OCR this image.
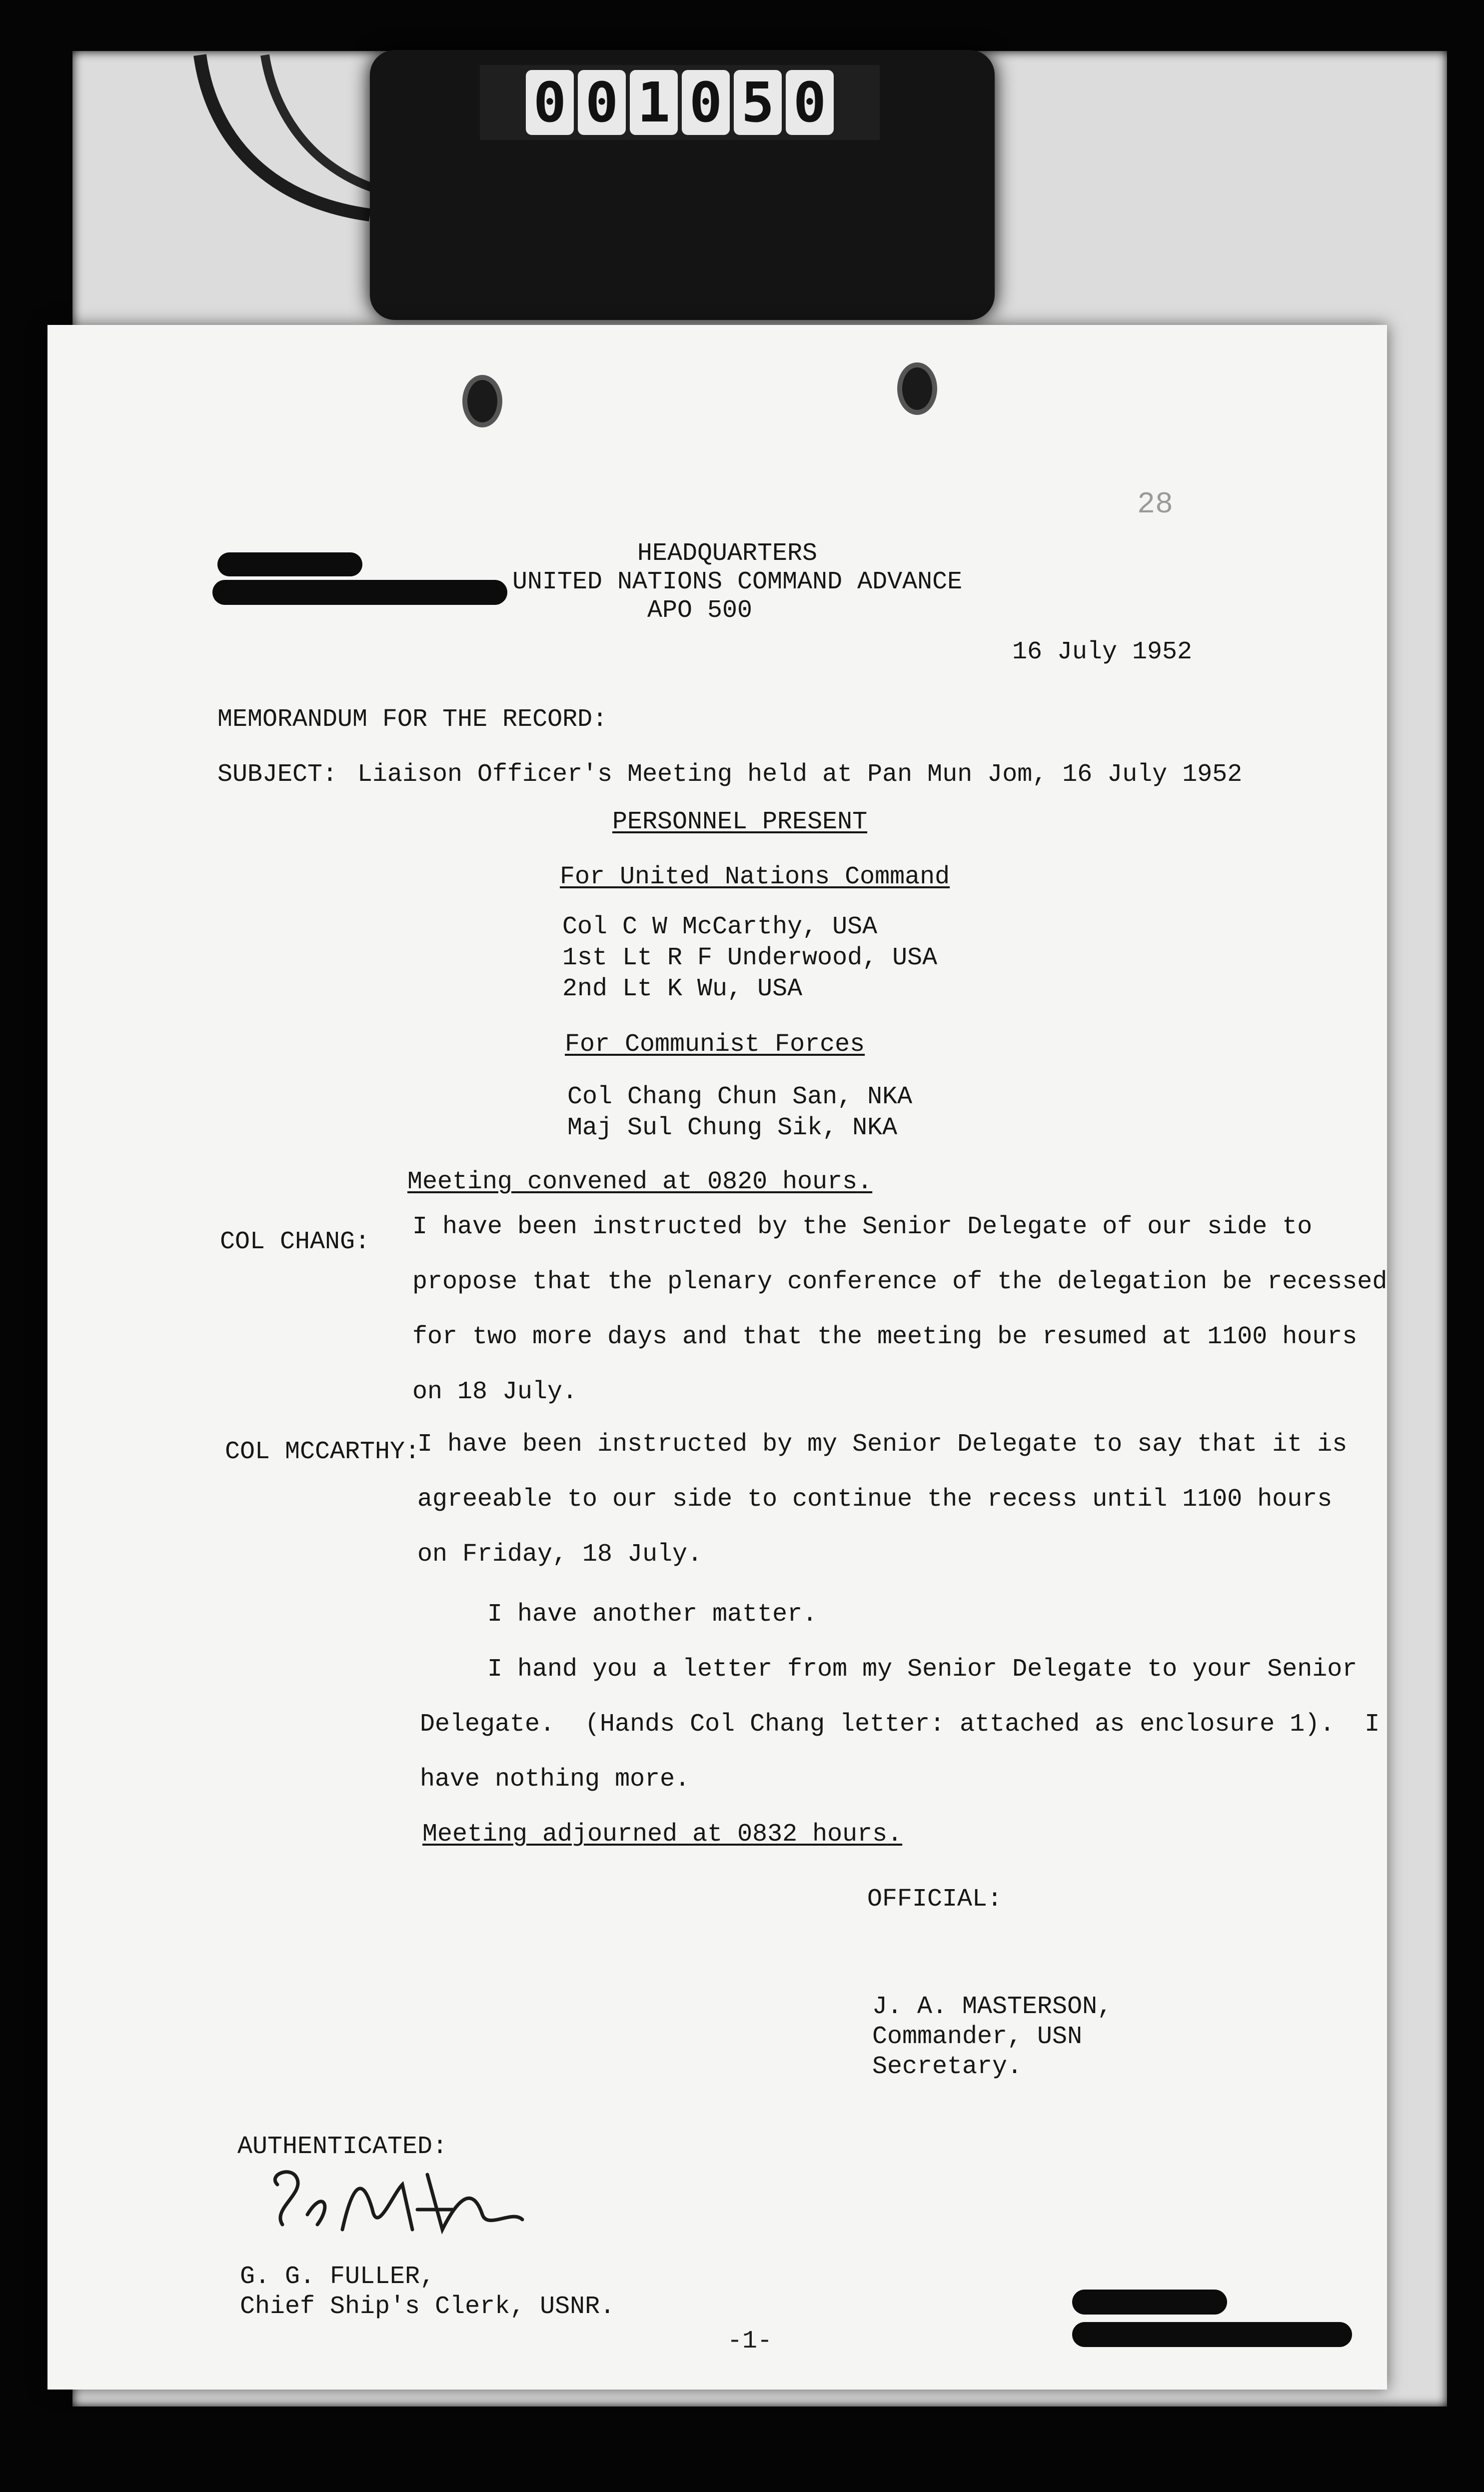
0 0 1 0 5 0

28

HEADQUARTERS

UNITED NATIONS COMMAND ADVANCE

APO 500

16 July 1952

MEMORANDUM FOR THE RECORD:

SUBJECT: Liaison Officer's Meeting held at Pan Mun Jom, 16 July 1952

PERSONNEL PRESENT

For United Nations Command

Col C W McCarthy, USA

1st Lt R F Underwood, USA

2nd Lt K Wu, USA

For Communist Forces

Col Chang Chun San, NKA

Maj Sul Chung Sik, NKA

Meeting convened at 0820 hours.

COL CHANG:

I have been instructed by the Senior Delegate of our side to

propose that the plenary conference of the delegation be recessed

for two more days and that the meeting be resumed at 1100 hours

on 18 July.

COL MCCARTHY:

I have been instructed by my Senior Delegate to say that it is

agreeable to our side to continue the recess until 1100 hours

on Friday, 18 July.

I have another matter.

I hand you a letter from my Senior Delegate to your Senior

Delegate.  (Hands Col Chang letter: attached as enclosure 1).  I

have nothing more.

Meeting adjourned at 0832 hours.

OFFICIAL:

J. A. MASTERSON,

Commander, USN

Secretary.

AUTHENTICATED:

G. G. FULLER,

Chief Ship's Clerk, USNR.

-1-
